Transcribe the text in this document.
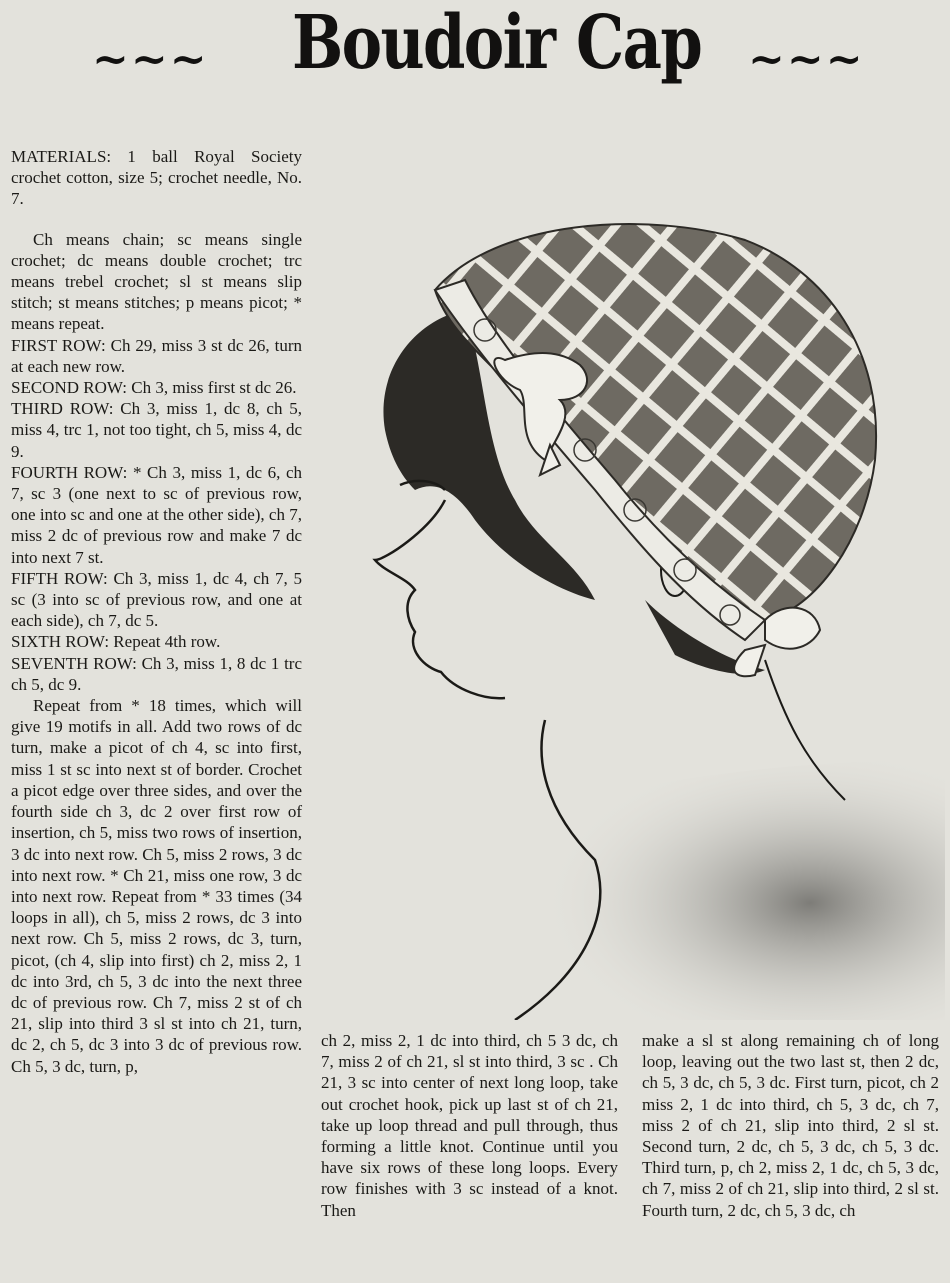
~~~ Boudoir Cap ~~~

MATERIALS: 1 ball Royal Society crochet cotton, size 5; crochet needle, No. 7.

Ch means chain; sc means single crochet; dc means double crochet; trc means trebel crochet; sl st means slip stitch; st means stitches; p means picot; * means repeat.

FIRST ROW: Ch 29, miss 3 st dc 26, turn at each new row.

SECOND ROW: Ch 3, miss first st dc 26.

THIRD ROW: Ch 3, miss 1, dc 8, ch 5, miss 4, trc 1, not too tight, ch 5, miss 4, dc 9.

FOURTH ROW: * Ch 3, miss 1, dc 6, ch 7, sc 3 (one next to sc of previous row, one into sc and one at the other side), ch 7, miss 2 dc of previous row and make 7 dc into next 7 st.

FIFTH ROW: Ch 3, miss 1, dc 4, ch 7, 5 sc (3 into sc of previous row, and one at each side), ch 7, dc 5.

SIXTH ROW: Repeat 4th row.

SEVENTH ROW: Ch 3, miss 1, 8 dc 1 trc ch 5, dc 9.

Repeat from * 18 times, which will give 19 motifs in all. Add two rows of dc turn, make a picot of ch 4, sc into first, miss 1 st sc into next st of border. Crochet a picot edge over three sides, and over the fourth side ch 3, dc 2 over first row of insertion, ch 5, miss two rows of insertion, 3 dc into next row. Ch 5, miss 2 rows, 3 dc into next row. * Ch 21, miss one row, 3 dc into next row. Repeat from * 33 times (34 loops in all), ch 5, miss 2 rows, dc 3 into next row. Ch 5, miss 2 rows, dc 3, turn, picot, (ch 4, slip into first) ch 2, miss 2, 1 dc into 3rd, ch 5, 3 dc into the next three dc of previous row. Ch 7, miss 2 st of ch 21, slip into third 3 sl st into ch 21, turn, dc 2, ch 5, dc 3 into 3 dc of previous row. Ch 5, 3 dc, turn, p,

ch 2, miss 2, 1 dc into third, ch 5 3 dc, ch 7, miss 2 of ch 21, sl st into third, 3 sc . Ch 21, 3 sc into center of next long loop, take out crochet hook, pick up last st of ch 21, take up loop thread and pull through, thus forming a little knot. Continue until you have six rows of these long loops. Every row finishes with 3 sc instead of a knot. Then
make a sl st along remaining ch of long loop, leaving out the two last st, then 2 dc, ch 5, 3 dc, ch 5, 3 dc. First turn, picot, ch 2 miss 2, 1 dc into third, ch 5, 3 dc, ch 7, miss 2 of ch 21, slip into third, 2 sl st. Second turn, 2 dc, ch 5, 3 dc, ch 5, 3 dc. Third turn, p, ch 2, miss 2, 1 dc, ch 5, 3 dc, ch 7, miss 2 of ch 21, slip into third, 2 sl st. Fourth turn, 2 dc, ch 5, 3 dc, ch
